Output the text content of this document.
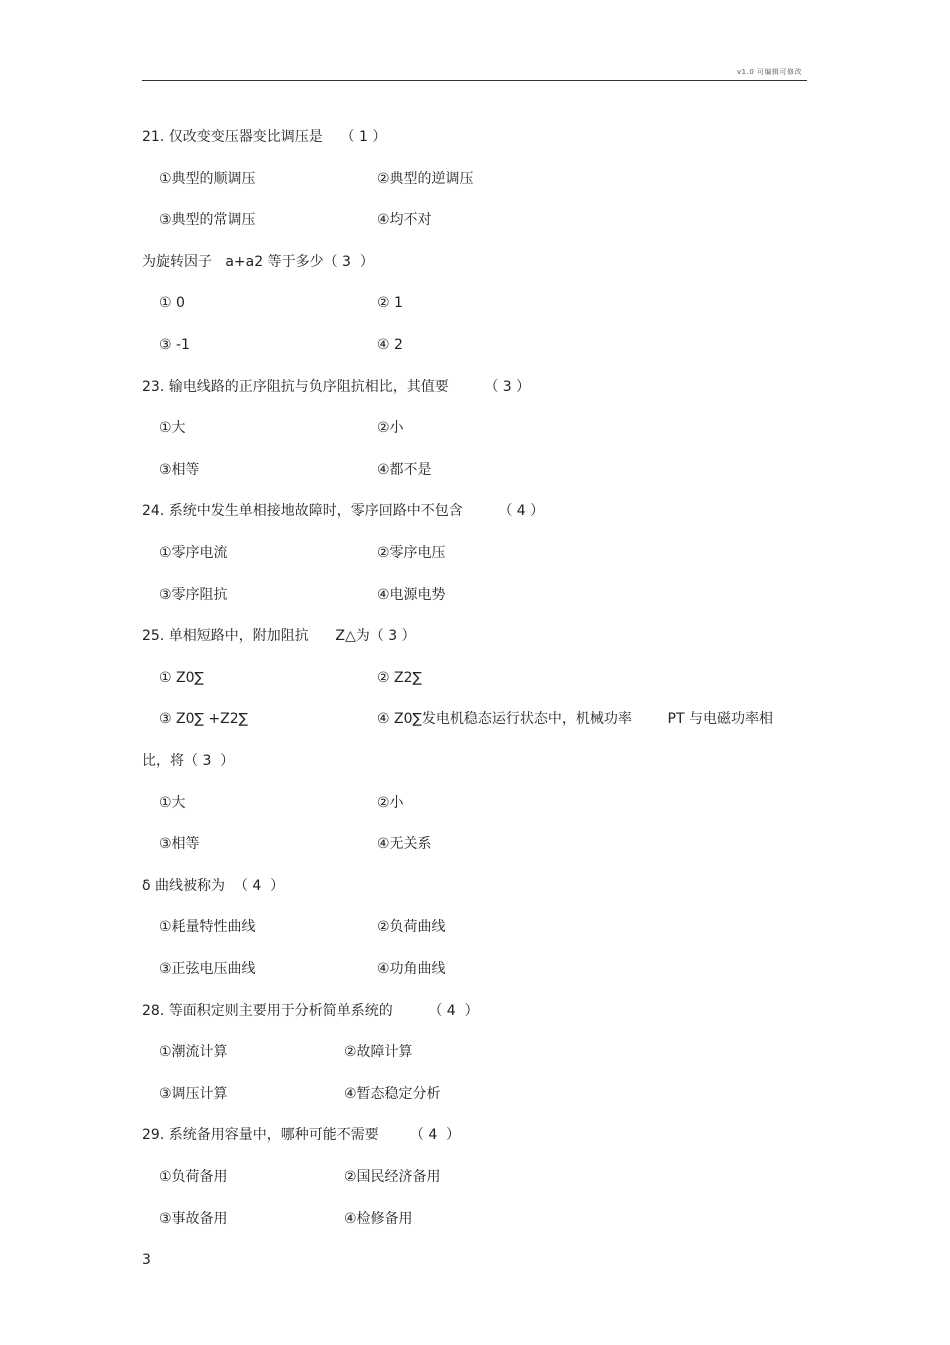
v1.0 可编辑可修改
21. 仅改变变压器变比调压是    （ 1 ）
①典型的顺调压	②典型的逆调压
③典型的常调压	④均不对
为旋转因子   a+a2 等于多少（ 3  ）
① 0	② 1
③ -1	④ 2
23. 输电线路的正序阻抗与负序阻抗相比，其值要        （ 3 ）
①大	②小
③相等	④都不是
24. 系统中发生单相接地故障时，零序回路中不包含        （ 4 ）
①零序电流	②零序电压
③零序阻抗	④电源电势
25. 单相短路中，附加阻抗      Z△为（ 3 ）
① Z0∑	② Z2∑
③ Z0∑ +Z2∑	④ Z0∑发电机稳态运行状态中，机械功率        PT 与电磁功率相
比，将（ 3  ）
①大	②小
③相等	④无关系
δ 曲线被称为  （ 4  ）
①耗量特性曲线	②负荷曲线
③正弦电压曲线	④功角曲线
28. 等面积定则主要用于分析简单系统的        （ 4  ）
①潮流计算	②故障计算
③调压计算	④暂态稳定分析
29. 系统备用容量中，哪种可能不需要       （ 4  ）
①负荷备用	②国民经济备用
③事故备用	④检修备用
3
